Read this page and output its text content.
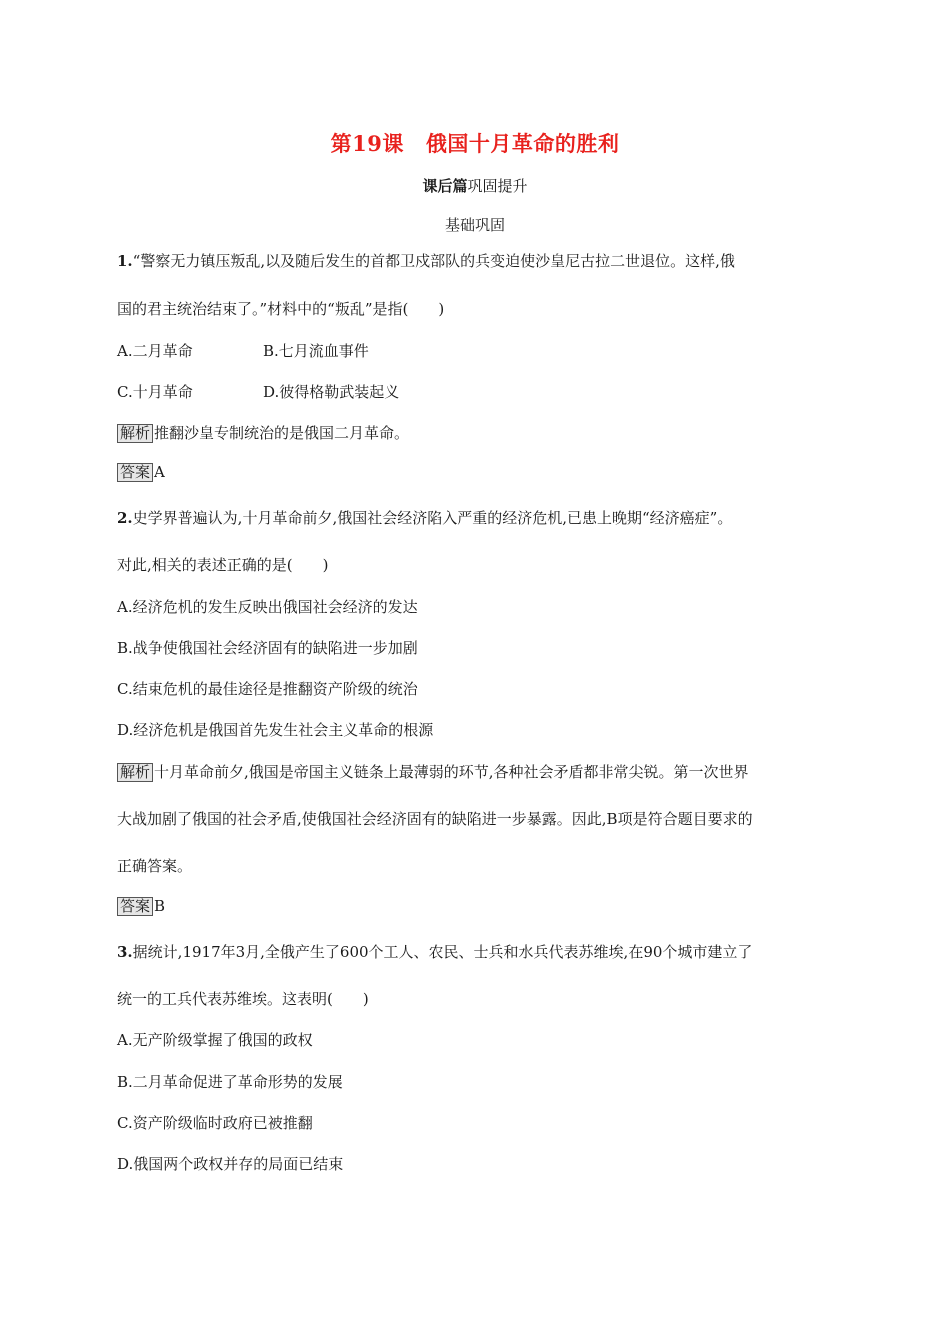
第19课 俄国十月革命的胜利
课后篇巩固提升
基础巩固
1.“警察无力镇压叛乱,以及随后发生的首都卫戍部队的兵变迫使沙皇尼古拉二世退位。这样,俄
国的君主统治结束了。”材料中的“叛乱”是指(　　)
A.二月革命	B.七月流血事件
C.十月革命	D.彼得格勒武装起义
解析 推翻沙皇专制统治的是俄国二月革命。
答案 A
2.史学界普遍认为,十月革命前夕,俄国社会经济陷入严重的经济危机,已患上晚期“经济癌症”。
对此,相关的表述正确的是(　　)
A.经济危机的发生反映出俄国社会经济的发达
B.战争使俄国社会经济固有的缺陷进一步加剧
C.结束危机的最佳途径是推翻资产阶级的统治
D.经济危机是俄国首先发生社会主义革命的根源
解析 十月革命前夕,俄国是帝国主义链条上最薄弱的环节,各种社会矛盾都非常尖锐。第一次世界
大战加剧了俄国的社会矛盾,使俄国社会经济固有的缺陷进一步暴露。因此,B项是符合题目要求的
正确答案。
答案 B
3.据统计,1917年3月,全俄产生了600个工人、农民、士兵和水兵代表苏维埃,在90个城市建立了
统一的工兵代表苏维埃。这表明(　　)
A.无产阶级掌握了俄国的政权
B.二月革命促进了革命形势的发展
C.资产阶级临时政府已被推翻
D.俄国两个政权并存的局面已结束
